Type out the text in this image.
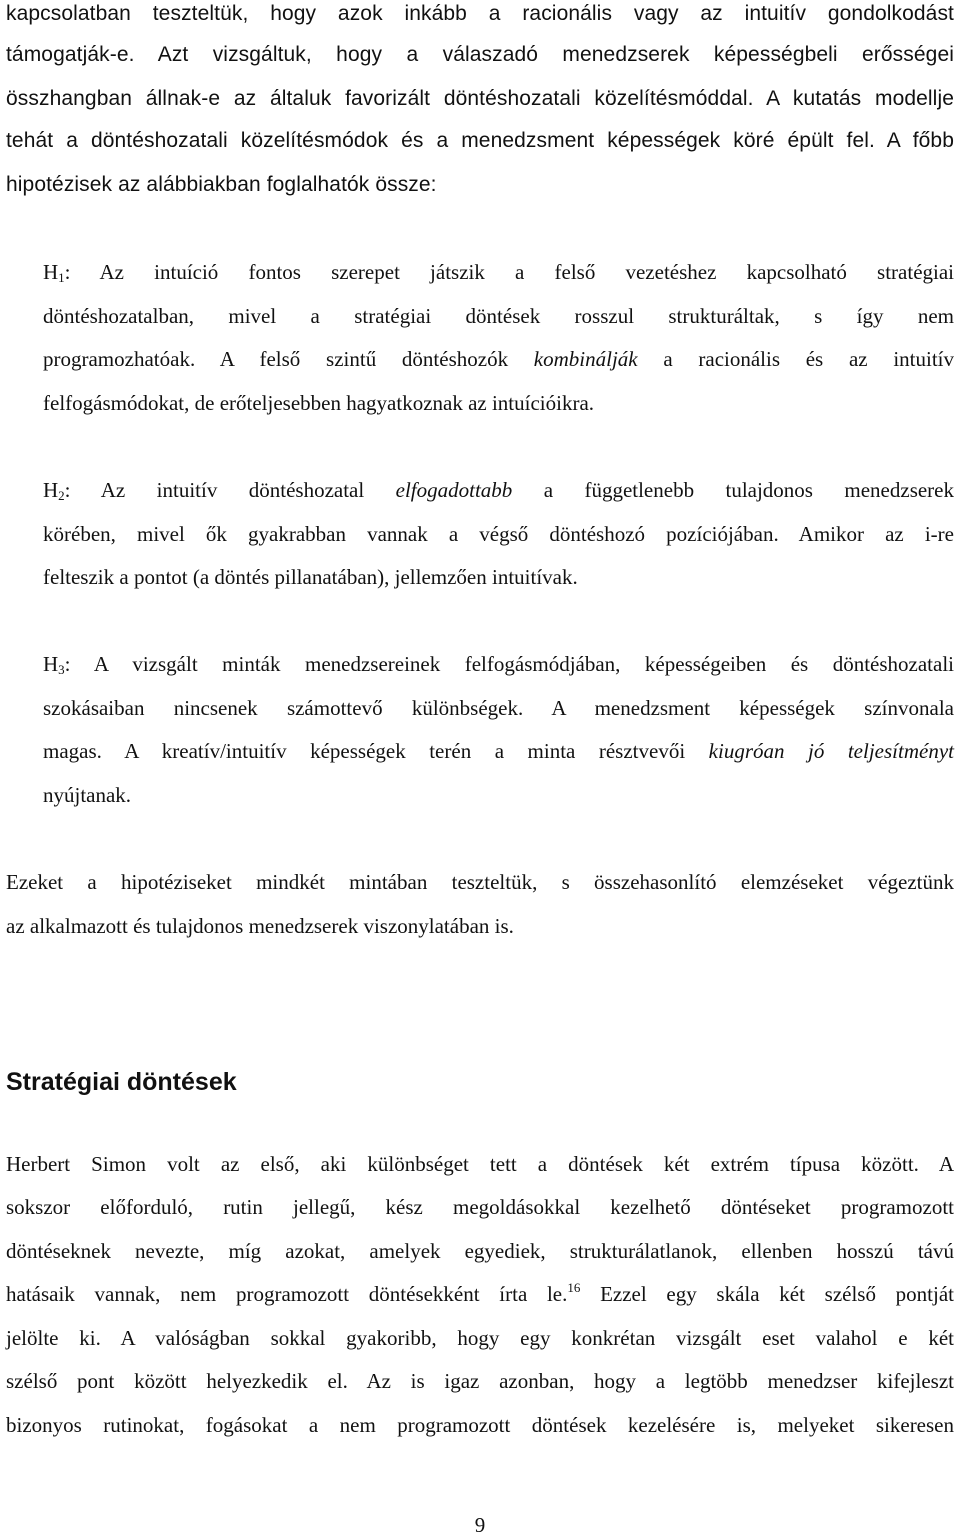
kapcsolatban teszteltük, hogy azok inkább a racionális vagy az intuitív gondolkodást
támogatják-e. Azt vizsgáltuk, hogy a válaszadó menedzserek képességbeli erősségei
összhangban állnak-e az általuk favorizált döntéshozatali közelítésmóddal. A kutatás modellje
tehát a döntéshozatali közelítésmódok és a menedzsment képességek köré épült fel. A főbb
hipotézisek az alábbiakban foglalhatók össze:
$H_1$: Az intuíció fontos szerepet játszik a felső vezetéshez kapcsolható stratégiai
döntéshozatalban, mivel a stratégiai döntések rosszul strukturáltak, s így nem
programozhatóak. A felső szintű döntéshozók kombinálják a racionális és az intuitív
felfogásmódokat, de erőteljesebben hagyatkoznak az intuícióikra.
$H_2$: Az intuitív döntéshozatal elfogadottabb a függetlenebb tulajdonos menedzserek
körében, mivel ők gyakrabban vannak a végső döntéshozó pozíciójában. Amikor az i-re
felteszik a pontot (a döntés pillanatában), jellemzően intuitívak.
$H_3$: A vizsgált minták menedzsereinek felfogásmódjában, képességeiben és döntéshozatali
szokásaiban nincsenek számottevő különbségek. A menedzsment képességek színvonala
magas. A kreatív/intuitív képességek terén a minta résztvevői kiugróan jó teljesítményt
nyújtanak.
Ezeket a hipotéziseket mindkét mintában teszteltük, s összehasonlító elemzéseket végeztünk
az alkalmazott és tulajdonos menedzserek viszonylatában is.
Stratégiai döntések
Herbert Simon volt az első, aki különbséget tett a döntések két extrém típusa között. A
sokszor előforduló, rutin jellegű, kész megoldásokkal kezelhető döntéseket programozott
döntéseknek nevezte, míg azokat, amelyek egyediek, strukturálatlanok, ellenben hosszú távú
hatásaik vannak, nem programozott döntésekként írta le.$^{16}$ Ezzel egy skála két szélső pontját
jelölte ki. A valóságban sokkal gyakoribb, hogy egy konkrétan vizsgált eset valahol e két
szélső pont között helyezkedik el. Az is igaz azonban, hogy a legtöbb menedzser kifejleszt
bizonyos rutinokat, fogásokat a nem programozott döntések kezelésére is, melyeket sikeresen
9
